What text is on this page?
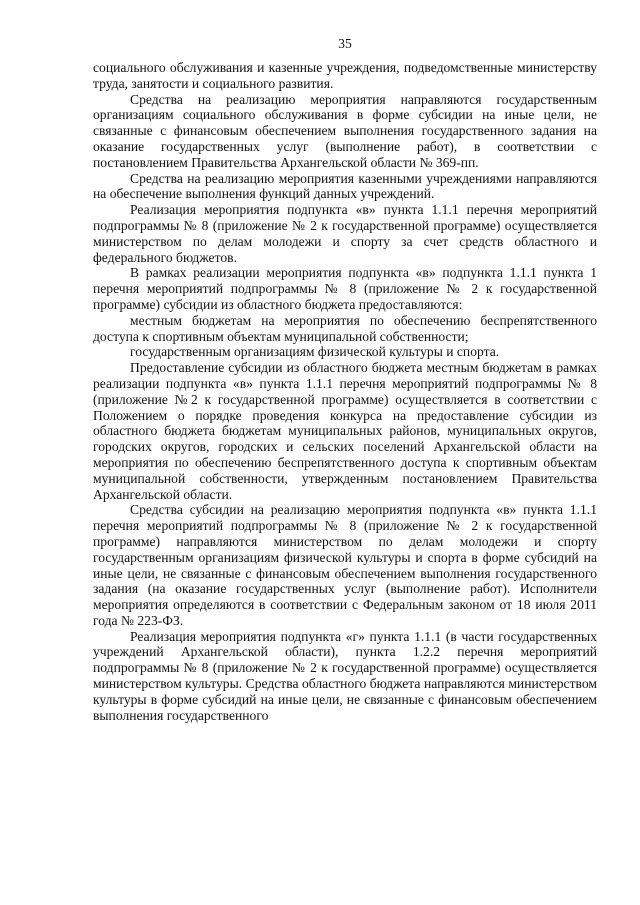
35

социального обслуживания и казенные учреждения, подведомственные министерству труда, занятости и социального развития.

Средства на реализацию мероприятия направляются государственным организациям социального обслуживания в форме субсидии на иные цели, не связанные с финансовым обеспечением выполнения государственного задания на оказание государственных услуг (выполнение работ), в соответствии с постановлением Правительства Архангельской области № 369-пп.

Средства на реализацию мероприятия казенными учреждениями направляются на обеспечение выполнения функций данных учреждений.

Реализация мероприятия подпункта «в» пункта 1.1.1 перечня мероприятий подпрограммы № 8 (приложение № 2 к государственной программе) осуществляется министерством по делам молодежи и спорту за счет средств областного и федерального бюджетов.

В рамках реализации мероприятия подпункта «в» подпункта 1.1.1 пункта 1 перечня мероприятий подпрограммы № 8 (приложение № 2 к государственной программе) субсидии из областного бюджета предоставляются:

местным бюджетам на мероприятия по обеспечению беспрепятственного доступа к спортивным объектам муниципальной собственности;

государственным организациям физической культуры и спорта.

Предоставление субсидии из областного бюджета местным бюджетам в рамках реализации подпункта «в» пункта 1.1.1 перечня мероприятий подпрограммы № 8 (приложение №2 к государственной программе) осуществляется в соответствии с Положением о порядке проведения конкурса на предоставление субсидии из областного бюджета бюджетам муниципальных районов, муниципальных округов, городских округов, городских и сельских поселений Архангельской области на мероприятия по обеспечению беспрепятственного доступа к спортивным объектам муниципальной собственности, утвержденным постановлением Правительства Архангельской области.

Средства субсидии на реализацию мероприятия подпункта «в» пункта 1.1.1 перечня мероприятий подпрограммы № 8 (приложение № 2 к государственной программе) направляются министерством по делам молодежи и спорту государственным организациям физической культуры и спорта в форме субсидий на иные цели, не связанные с финансовым обеспечением выполнения государственного задания (на оказание государственных услуг (выполнение работ). Исполнители мероприятия определяются в соответствии с Федеральным законом от 18 июля 2011 года № 223-ФЗ.

Реализация мероприятия подпункта «г» пункта 1.1.1 (в части государственных учреждений Архангельской области), пункта 1.2.2 перечня мероприятий подпрограммы № 8 (приложение № 2 к государственной программе) осуществляется министерством культуры. Средства областного бюджета направляются министерством культуры в форме субсидий на иные цели, не связанные с финансовым обеспечением выполнения государственного
